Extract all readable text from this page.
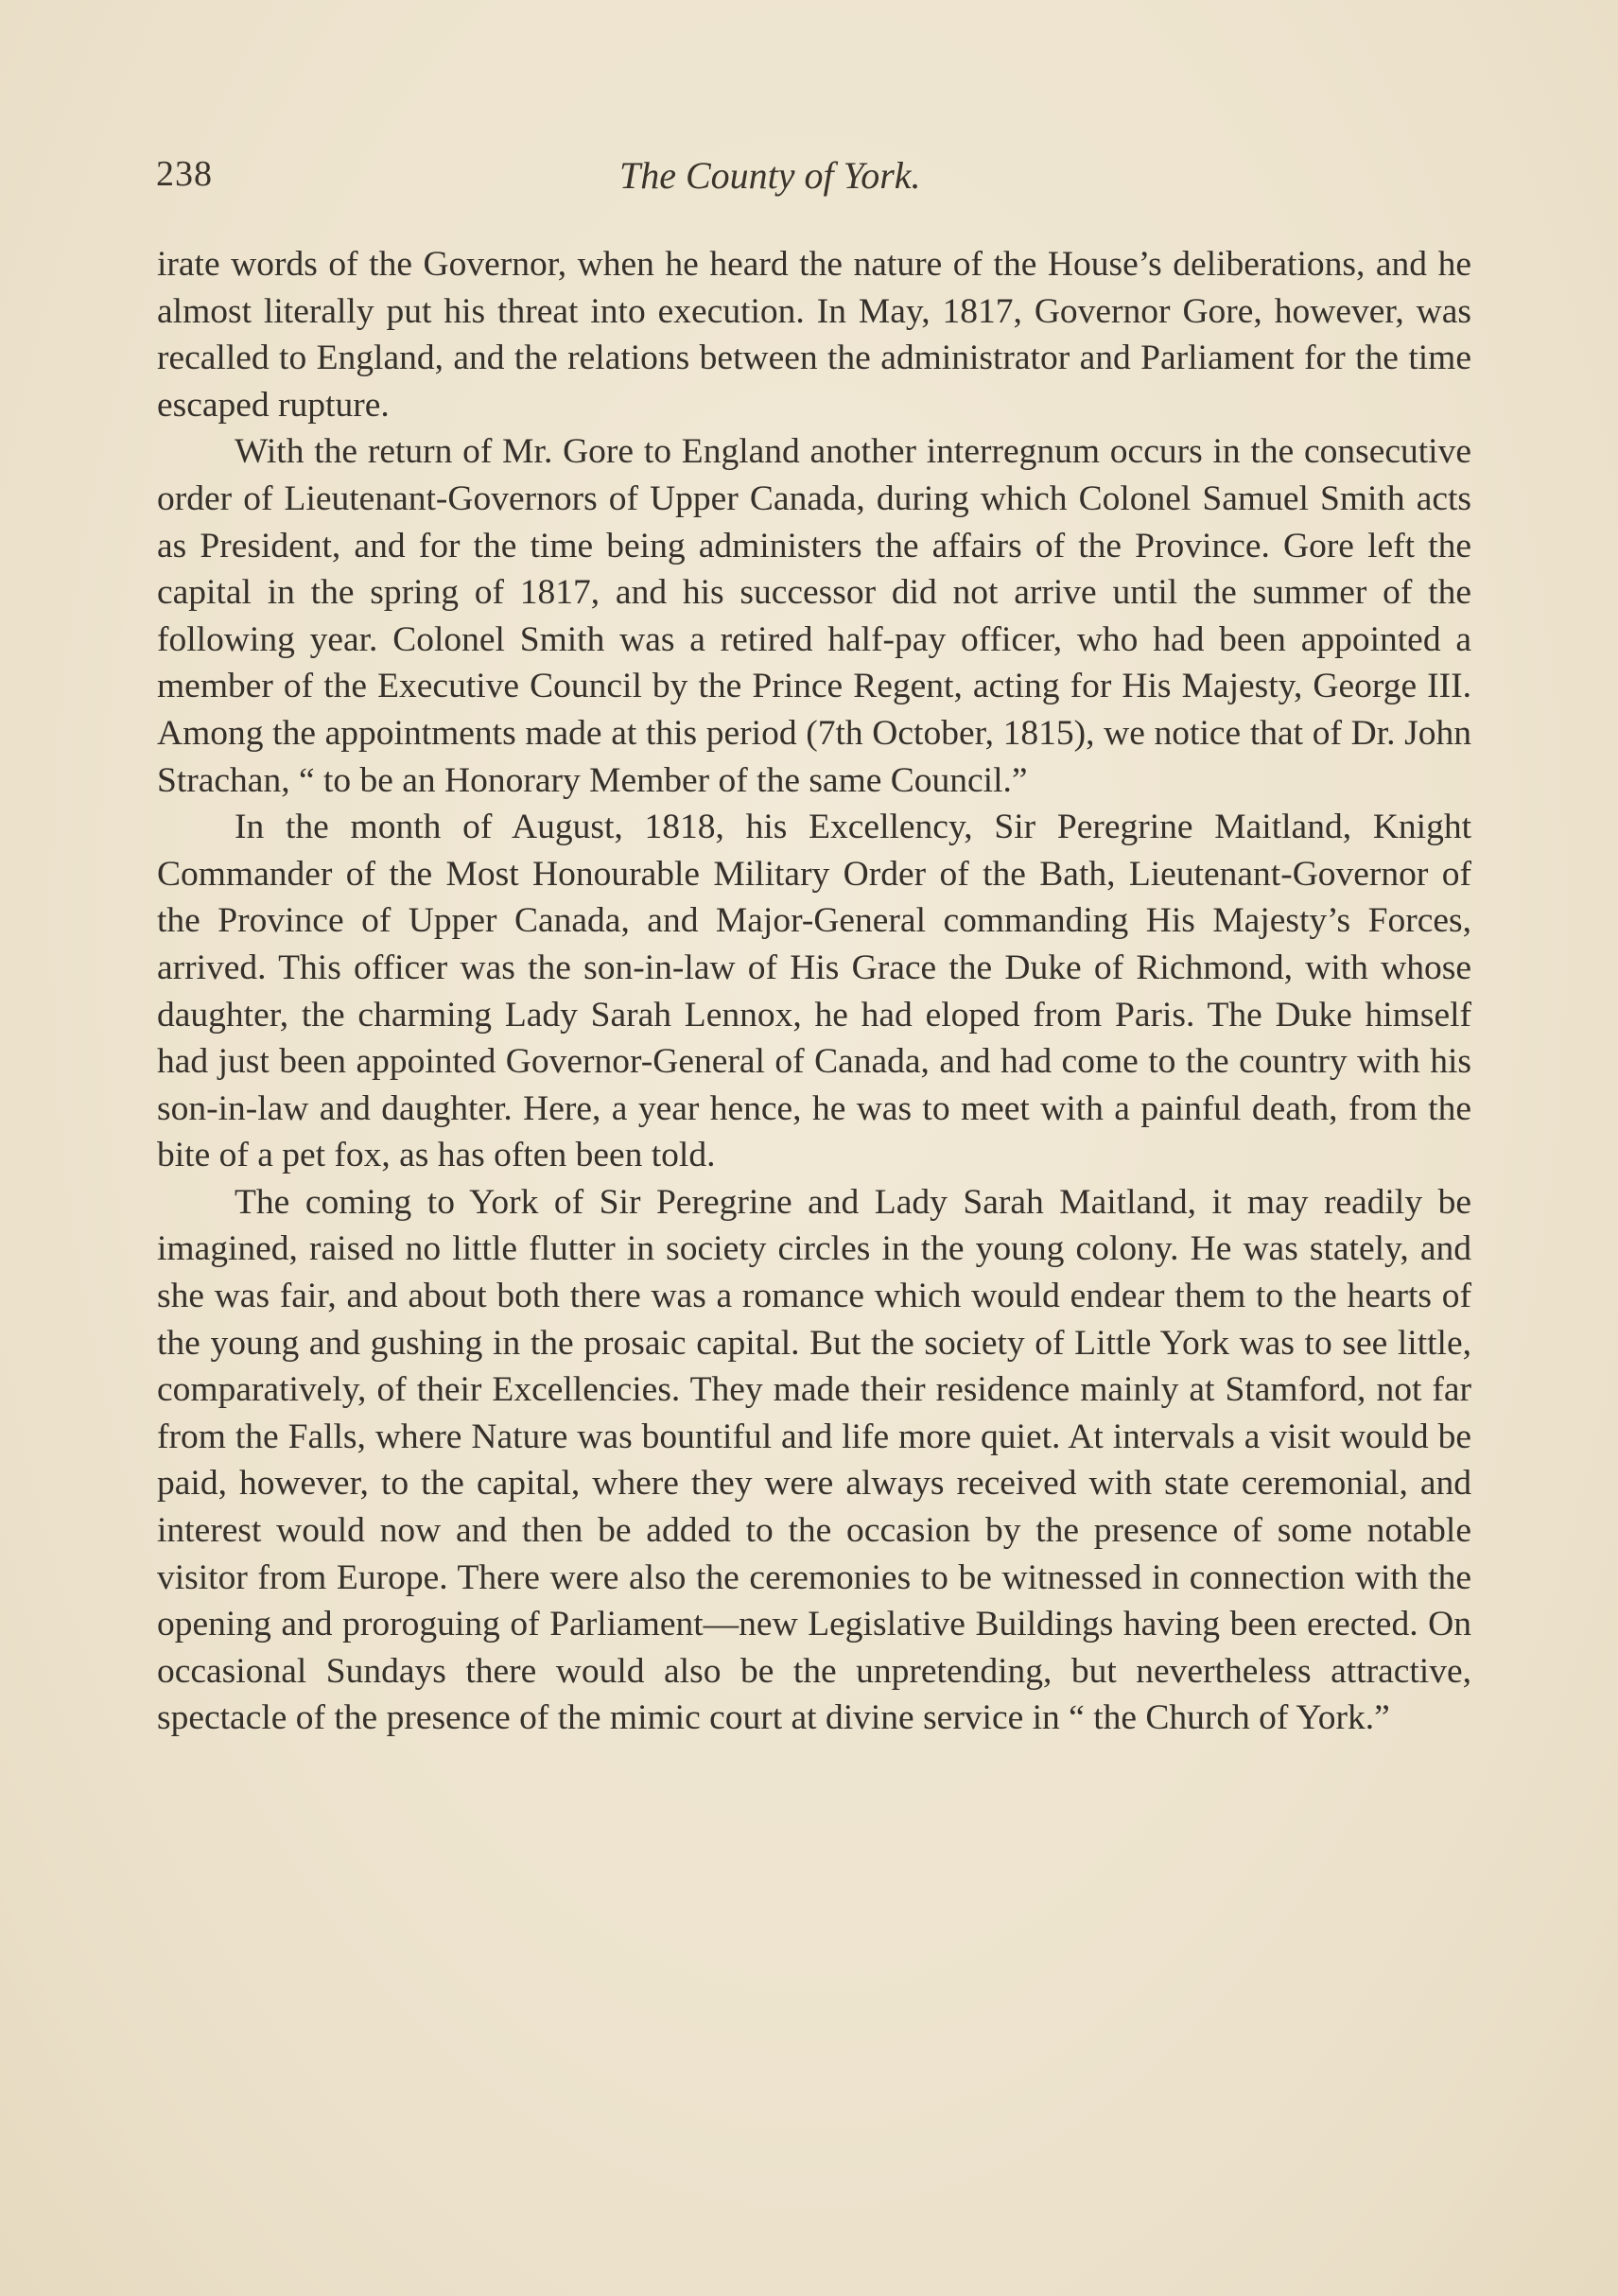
238	The County of York.

irate words of the Governor, when he heard the nature of the House’s deliberations, and he almost literally put his threat into execution. In May, 1817, Governor Gore, however, was recalled to England, and the relations between the administrator and Parliament for the time escaped rupture.

With the return of Mr. Gore to England another interregnum occurs in the consecutive order of Lieutenant-Governors of Upper Canada, during which Colonel Samuel Smith acts as President, and for the time being administers the affairs of the Province. Gore left the capital in the spring of 1817, and his successor did not arrive until the summer of the following year. Colonel Smith was a retired half-pay officer, who had been appointed a member of the Executive Council by the Prince Regent, acting for His Majesty, George III. Among the appointments made at this period (7th October, 1815), we notice that of Dr. John Strachan, “ to be an Honorary Member of the same Council.”

In the month of August, 1818, his Excellency, Sir Peregrine Maitland, Knight Commander of the Most Honourable Military Order of the Bath, Lieutenant-Governor of the Province of Upper Canada, and Major-General commanding His Majesty’s Forces, arrived. This officer was the son-in-law of His Grace the Duke of Richmond, with whose daughter, the charming Lady Sarah Lennox, he had eloped from Paris. The Duke himself had just been appointed Governor-General of Canada, and had come to the country with his son-in-law and daughter. Here, a year hence, he was to meet with a painful death, from the bite of a pet fox, as has often been told.

The coming to York of Sir Peregrine and Lady Sarah Maitland, it may readily be imagined, raised no little flutter in society circles in the young colony. He was stately, and she was fair, and about both there was a romance which would endear them to the hearts of the young and gushing in the prosaic capital. But the society of Little York was to see little, comparatively, of their Excellencies. They made their residence mainly at Stamford, not far from the Falls, where Nature was bountiful and life more quiet. At intervals a visit would be paid, however, to the capital, where they were always received with state ceremonial, and interest would now and then be added to the occasion by the presence of some notable visitor from Europe. There were also the ceremonies to be witnessed in connection with the opening and proroguing of Parliament—new Legislative Buildings having been erected. On occasional Sundays there would also be the unpretending, but nevertheless attractive, spectacle of the presence of the mimic court at divine service in “ the Church of York.”
